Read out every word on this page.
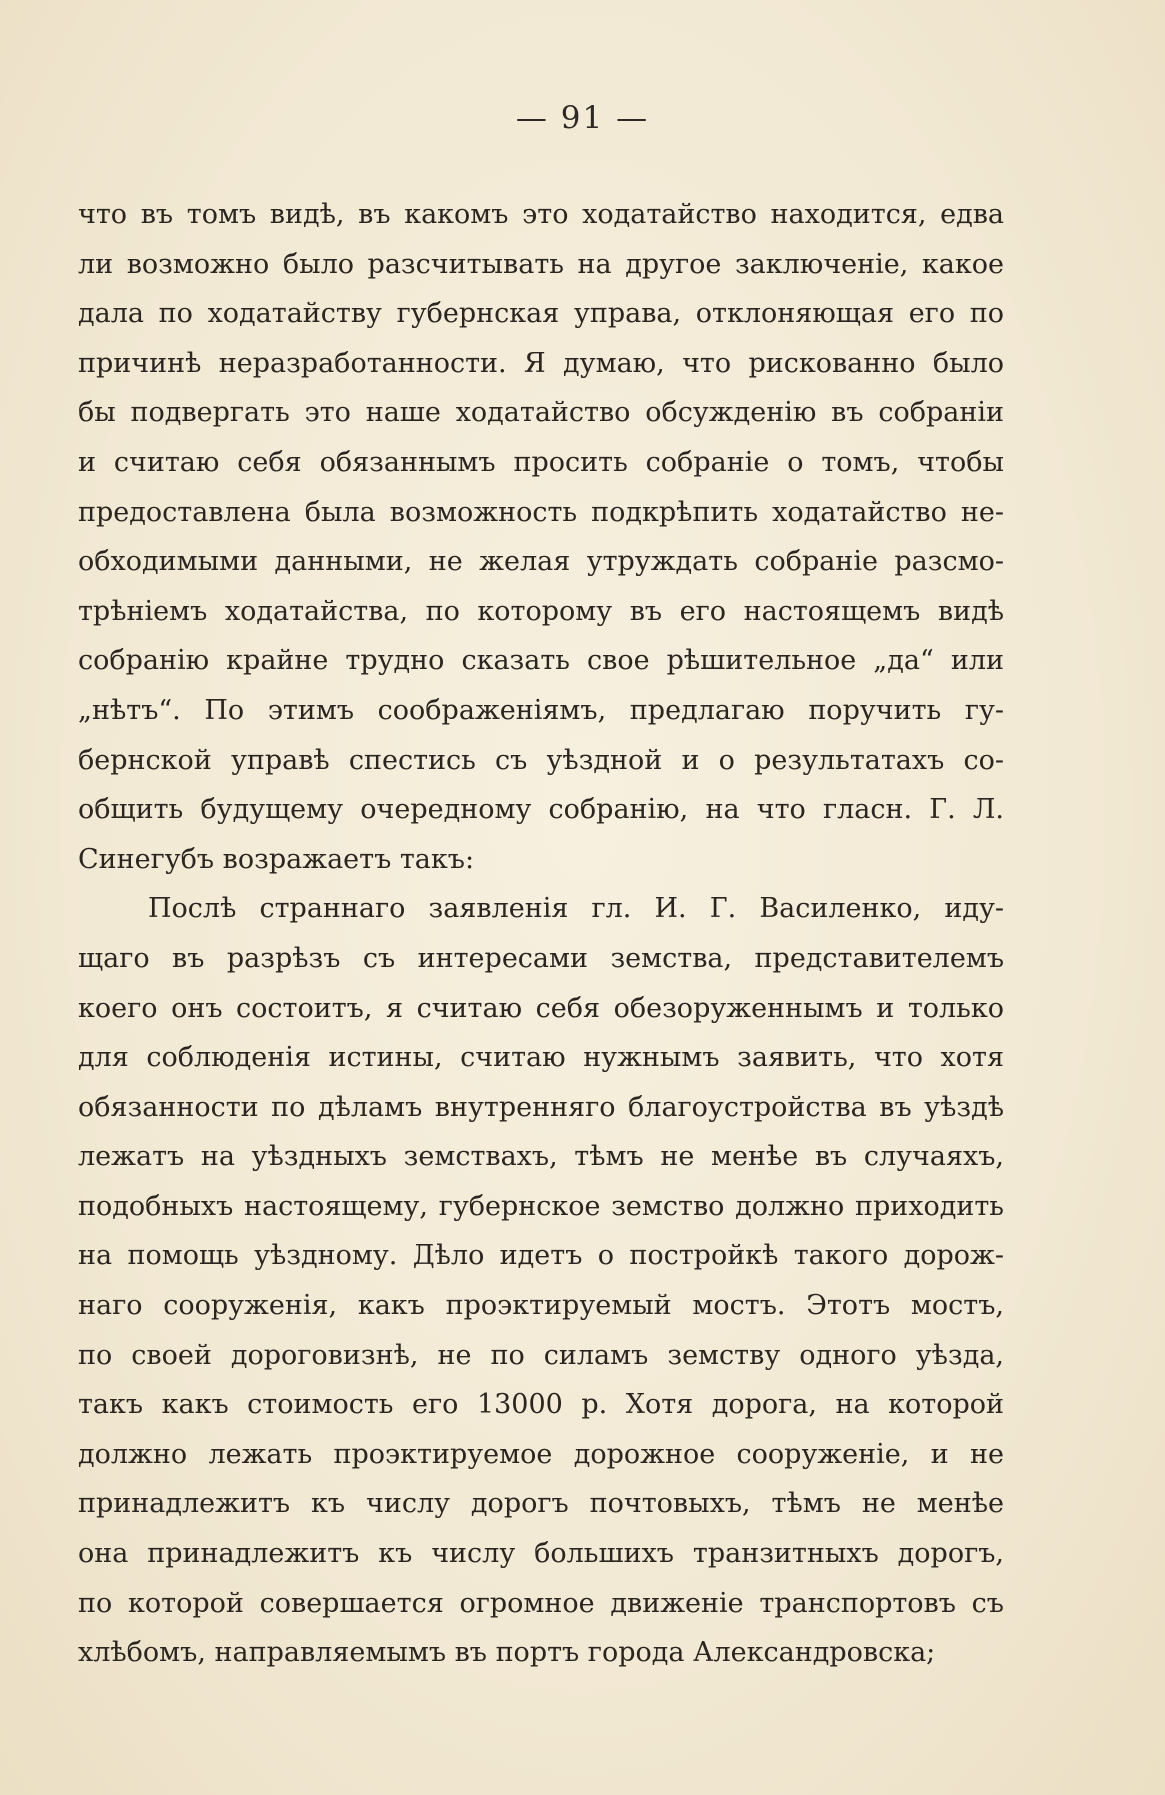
— 91 —
что въ томъ видѣ, въ какомъ это ходатайство находится, едва
ли возможно было разсчитывать на другое заключеніе, какое
дала по ходатайству губернская управа, отклоняющая его по
причинѣ неразработанности. Я думаю, что рискованно было
бы подвергать это наше ходатайство обсужденію въ собраніи
и считаю себя обязаннымъ просить собраніе о томъ, чтобы
предоставлена была возможность подкрѣпить ходатайство не-
обходимыми данными, не желая утруждать собраніе разсмо-
трѣніемъ ходатайства, по которому въ его настоящемъ видѣ
собранію крайне трудно сказать свое рѣшительное „да“ или
„нѣтъ“. По этимъ соображеніямъ, предлагаю поручить гу-
бернской управѣ спестись съ уѣздной и о результатахъ со-
общить будущему очередному собранію, на что гласн. Г. Л.
Синегубъ возражаетъ такъ:
Послѣ страннаго заявленія гл. И. Г. Василенко, иду-
щаго въ разрѣзъ съ интересами земства, представителемъ
коего онъ состоитъ, я считаю себя обезоруженнымъ и только
для соблюденія истины, считаю нужнымъ заявить, что хотя
обязанности по дѣламъ внутренняго благоустройства въ уѣздѣ
лежатъ на уѣздныхъ земствахъ, тѣмъ не менѣе въ случаяхъ,
подобныхъ настоящему, губернское земство должно приходить
на помощь уѣздному. Дѣло идетъ о постройкѣ такого дорож-
наго сооруженія, какъ проэктируемый мостъ. Этотъ мостъ,
по своей дороговизнѣ, не по силамъ земству одного уѣзда,
такъ какъ стоимость его 13000 р. Хотя дорога, на которой
должно лежать проэктируемое дорожное сооруженіе, и не
принадлежитъ къ числу дорогъ почтовыхъ, тѣмъ не менѣе
она принадлежитъ къ числу большихъ транзитныхъ дорогъ,
по которой совершается огромное движеніе транспортовъ съ
хлѣбомъ, направляемымъ въ портъ города Александровска;
